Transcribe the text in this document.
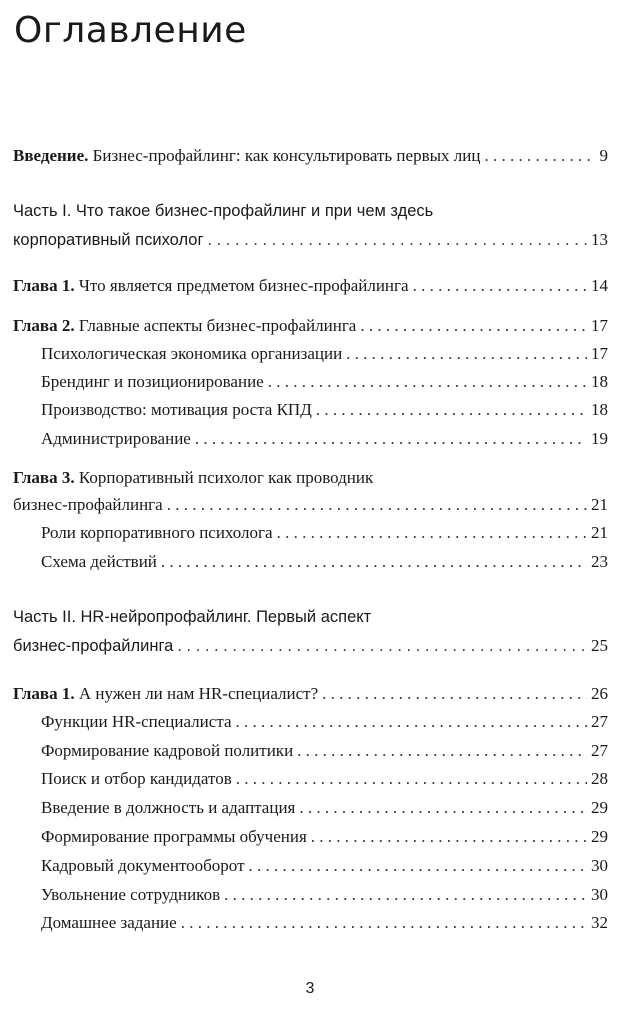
Оглавление
Введение. Бизнес-профайлинг: как консультировать первых лиц . . .	9
Часть I. Что такое бизнес-профайлинг и при чем здесь
корпоративный психолог . . .	13
Глава 1. Что является предметом бизнес-профайлинга . . .	14
Глава 2. Главные аспекты бизнес-профайлинга . . .	17
Психологическая экономика организации . . .	17
Брендинг и позиционирование . . .	18
Производство: мотивация роста КПД . . .	18
Администрирование . . .	19
Глава 3. Корпоративный психолог как проводник
бизнес-профайлинга . . .	21
Роли корпоративного психолога . . .	21
Схема действий . . .	23
Часть II. HR-нейропрофайлинг. Первый аспект
бизнес-профайлинга . . .	25
Глава 1. А нужен ли нам HR-специалист? . . .	26
Функции HR-специалиста . . .	27
Формирование кадровой политики . . .	27
Поиск и отбор кандидатов . . .	28
Введение в должность и адаптация . . .	29
Формирование программы обучения . . .	29
Кадровый документооборот . . .	30
Увольнение сотрудников . . .	30
Домашнее задание . . .	32
3
